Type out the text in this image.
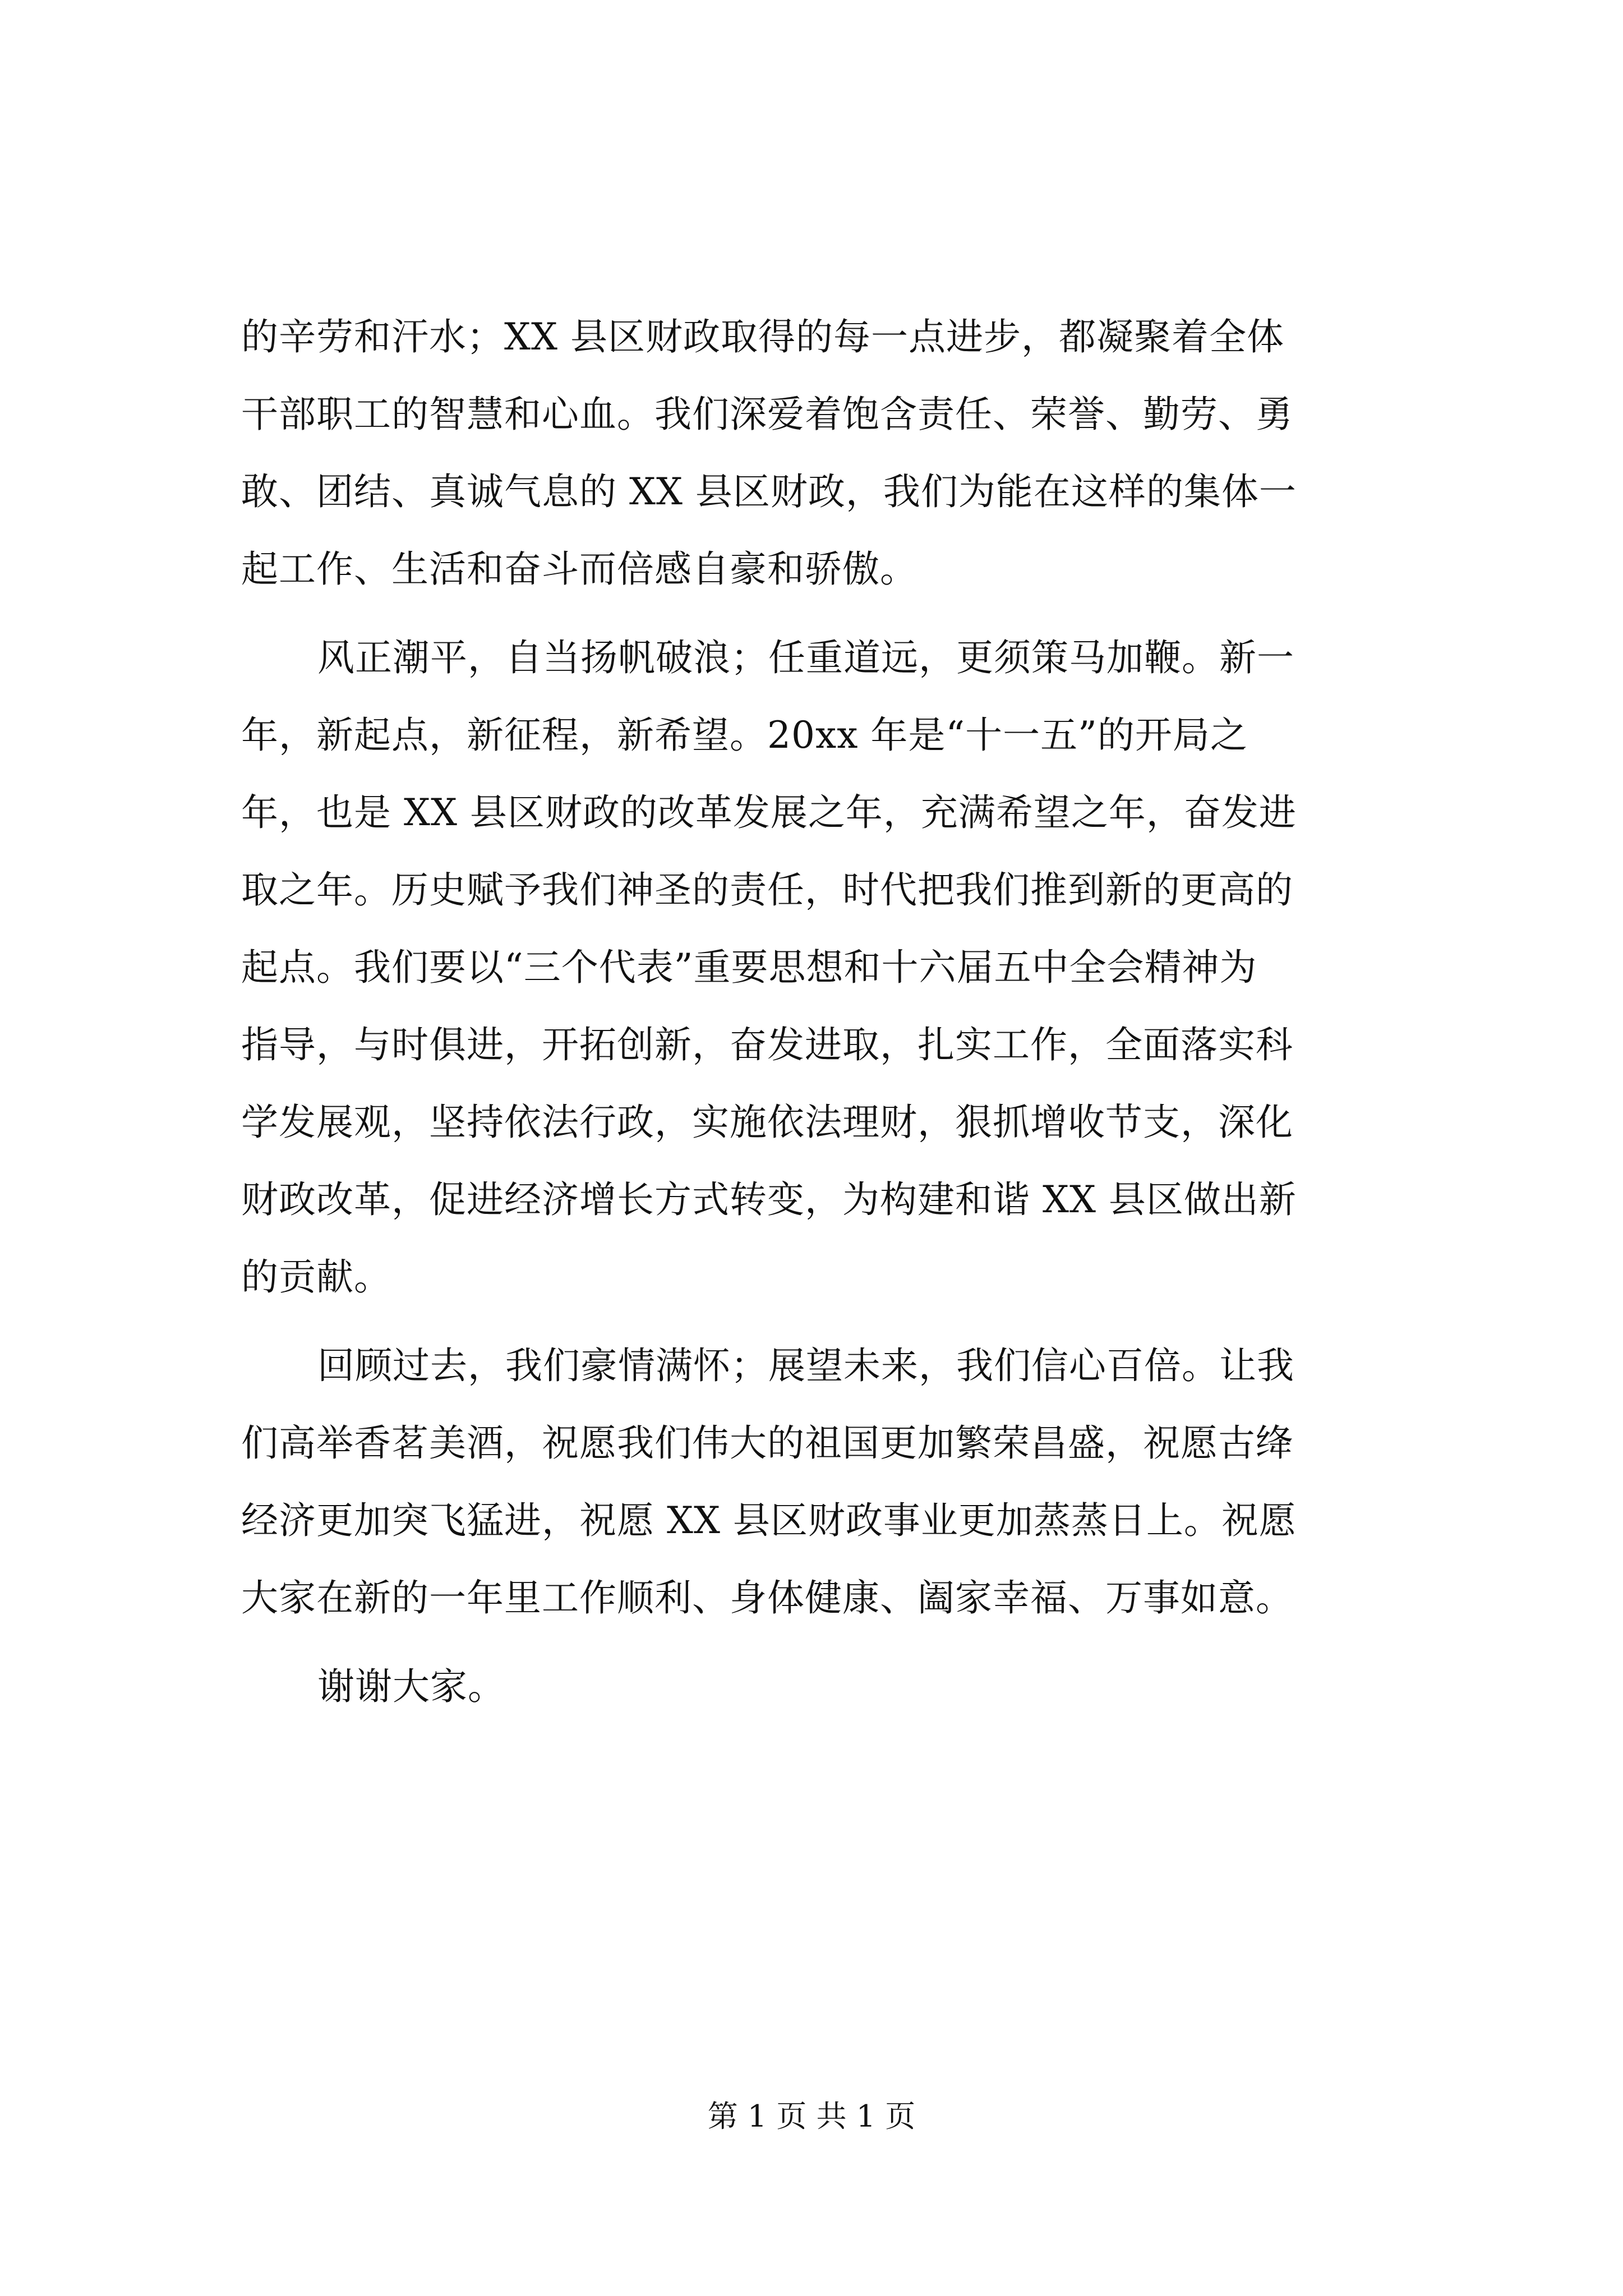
的辛劳和汗水；XX 县区财政取得的每一点进步，都凝聚着全体
干部职工的智慧和心血。我们深爱着饱含责任、荣誉、勤劳、勇
敢、团结、真诚气息的 XX 县区财政，我们为能在这样的集体一
起工作、生活和奋斗而倍感自豪和骄傲。
风正潮平，自当扬帆破浪；任重道远，更须策马加鞭。新一
年，新起点，新征程，新希望。20xx 年是“十一五”的开局之
年，也是 XX 县区财政的改革发展之年，充满希望之年，奋发进
取之年。历史赋予我们神圣的责任，时代把我们推到新的更高的
起点。我们要以“三个代表”重要思想和十六届五中全会精神为
指导，与时俱进，开拓创新，奋发进取，扎实工作，全面落实科
学发展观，坚持依法行政，实施依法理财，狠抓增收节支，深化
财政改革，促进经济增长方式转变，为构建和谐 XX 县区做出新
的贡献。
回顾过去，我们豪情满怀；展望未来，我们信心百倍。让我
们高举香茗美酒，祝愿我们伟大的祖国更加繁荣昌盛，祝愿古绛
经济更加突飞猛进，祝愿 XX 县区财政事业更加蒸蒸日上。祝愿
大家在新的一年里工作顺利、身体健康、阖家幸福、万事如意。
谢谢大家。
第 1 页 共 1 页
